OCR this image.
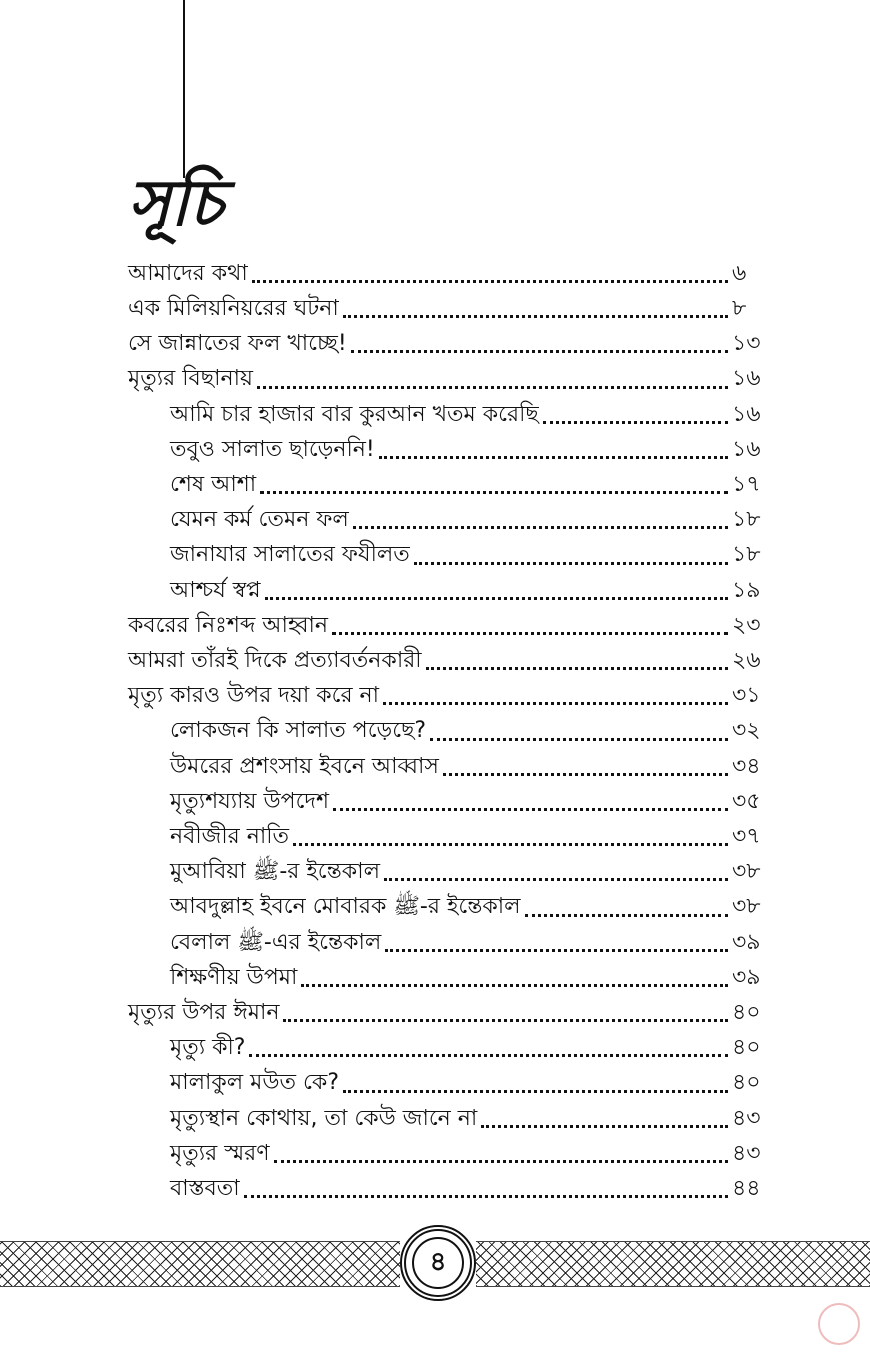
সূচি
আমাদের কথা	৬
এক মিলিয়নিয়রের ঘটনা	৮
সে জান্নাতের ফল খাচ্ছে!	১৩
মৃত্যুর বিছানায়	১৬
আমি চার হাজার বার কুরআন খতম করেছি	১৬
তবুও সালাত ছাড়েননি!	১৬
শেষ আশা	১৭
যেমন কর্ম তেমন ফল	১৮
জানাযার সালাতের ফযীলত	১৮
আশ্চর্য স্বপ্ন	১৯
কবরের নিঃশব্দ আহ্বান	২৩
আমরা তাঁরই দিকে প্রত্যাবর্তনকারী	২৬
মৃত্যু কারও উপর দয়া করে না	৩১
লোকজন কি সালাত পড়েছে?	৩২
উমরের প্রশংসায় ইবনে আব্বাস	৩৪
মৃত্যুশয্যায় উপদেশ	৩৫
নবীজীর নাতি	৩৭
মুআবিয়া ﷺ-র ইন্তেকাল	৩৮
আবদুল্লাহ ইবনে মোবারক ﷺ-র ইন্তেকাল	৩৮
বেলাল ﷺ-এর ইন্তেকাল	৩৯
শিক্ষণীয় উপমা	৩৯
মৃত্যুর উপর ঈমান	৪০
মৃত্যু কী?	৪০
মালাকুল মউত কে?	৪০
মৃত্যুস্থান কোথায়, তা কেউ জানে না	৪৩
মৃত্যুর স্মরণ	৪৩
বাস্তবতা	৪৪
৪
